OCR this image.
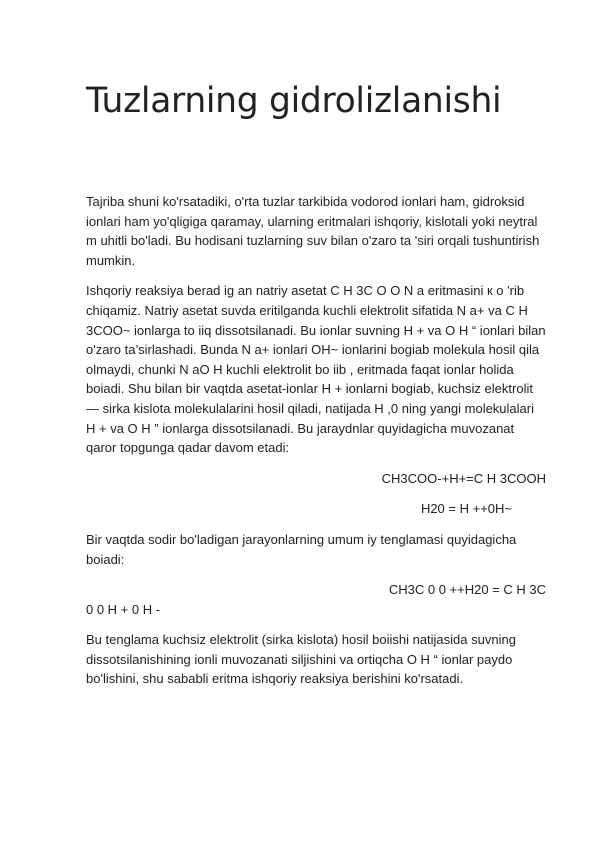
Tuzlarning gidrolizlanishi

Tajriba shuni ko'rsatadiki, o'rta tuzlar tarkibida vodorod ionlari ham, gidroksid ionlari ham yo'qligiga qaramay, ularning eritmalari ishqoriy, kislotali yoki neytral m uhitli bo'ladi. Bu hodisani tuzlarning suv bilan o'zaro ta 'siri orqali tushuntirish mumkin.

Ishqoriy reaksiya berad ig an natriy asetat C H 3C O O N a eritmasini к o 'rib chiqamiz. Natriy asetat suvda eritilganda kuchli elektrolit sifatida N a+ va C H 3COO~ ionlarga to iiq dissotsilanadi. Bu ionlar suvning H + va O H “ ionlari bilan o'zaro ta’sirlashadi. Bunda N a+ ionlari OH~ ionlarini bogiab molekula hosil qila olmaydi, chunki N aO H kuchli elektrolit bo iib , eritmada faqat ionlar holida boiadi. Shu bilan bir vaqtda asetat-ionlar H + ionlarni bogiab, kuchsiz elektrolit — sirka kislota molekulalarini hosil qiladi, natijada H ,0 ning yangi molekulalari H + va O H ” ionlarga dissotsilanadi. Bu jaraydnlar quyidagicha muvozanat qaror topgunga qadar davom etadi:

CH3COO-+H+=C H 3COOH
H20 = H ++0H~

Bir vaqtda sodir bo'ladigan jarayonlarning umum iy tenglamasi quyidagicha boiadi:

CH3C 0 0 ++H20 = C H 3C

0 0 H + 0 H -

Bu tenglama kuchsiz elektrolit (sirka kislota) hosil boiishi natijasida suvning dissotsilanishining ionli muvozanati siljishini va ortiqcha O H “ ionlar paydo bo'lishini, shu sababli eritma ishqoriy reaksiya berishini ko'rsatadi.
